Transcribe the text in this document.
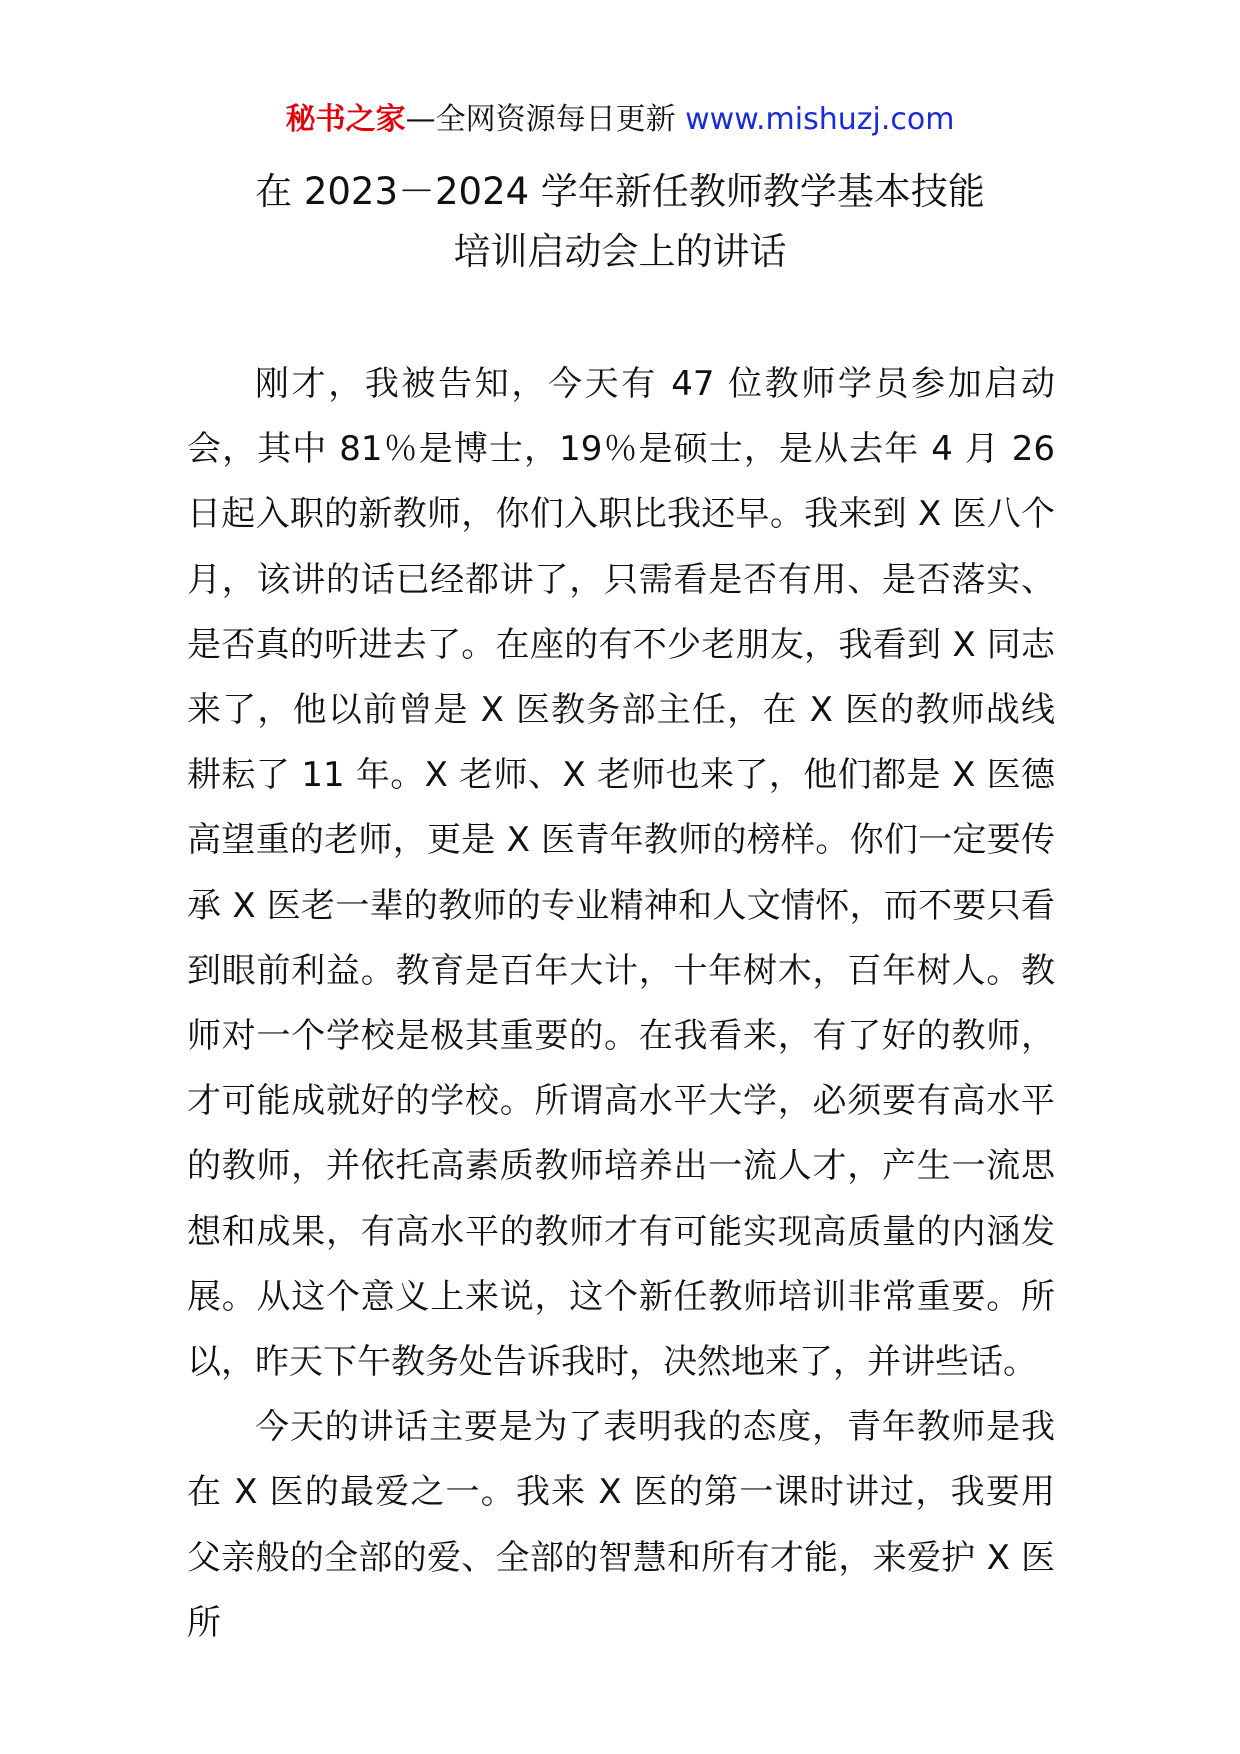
秘书之家—全网资源每日更新 www.mishuzj.com
在 2023－2024 学年新任教师教学基本技能
培训启动会上的讲话

刚才，我被告知，今天有 47 位教师学员参加启动会，其中 81％是博士，19％是硕士，是从去年 4 月 26 日起入职的新教师，你们入职比我还早。我来到 X 医八个月，该讲的话已经都讲了，只需看是否有用、是否落实、是否真的听进去了。在座的有不少老朋友，我看到 X 同志来了，他以前曾是 X 医教务部主任，在 X 医的教师战线耕耘了 11 年。X 老师、X 老师也来了，他们都是 X 医德高望重的老师，更是 X 医青年教师的榜样。你们一定要传承 X 医老一辈的教师的专业精神和人文情怀，而不要只看到眼前利益。教育是百年大计，十年树木，百年树人。教师对一个学校是极其重要的。在我看来，有了好的教师，才可能成就好的学校。所谓高水平大学，必须要有高水平的教师，并依托高素质教师培养出一流人才，产生一流思想和成果，有高水平的教师才有可能实现高质量的内涵发展。从这个意义上来说，这个新任教师培训非常重要。所以，昨天下午教务处告诉我时，决然地来了，并讲些话。

今天的讲话主要是为了表明我的态度，青年教师是我在 X 医的最爱之一。我来 X 医的第一课时讲过，我要用父亲般的全部的爱、全部的智慧和所有才能，来爱护 X 医所
